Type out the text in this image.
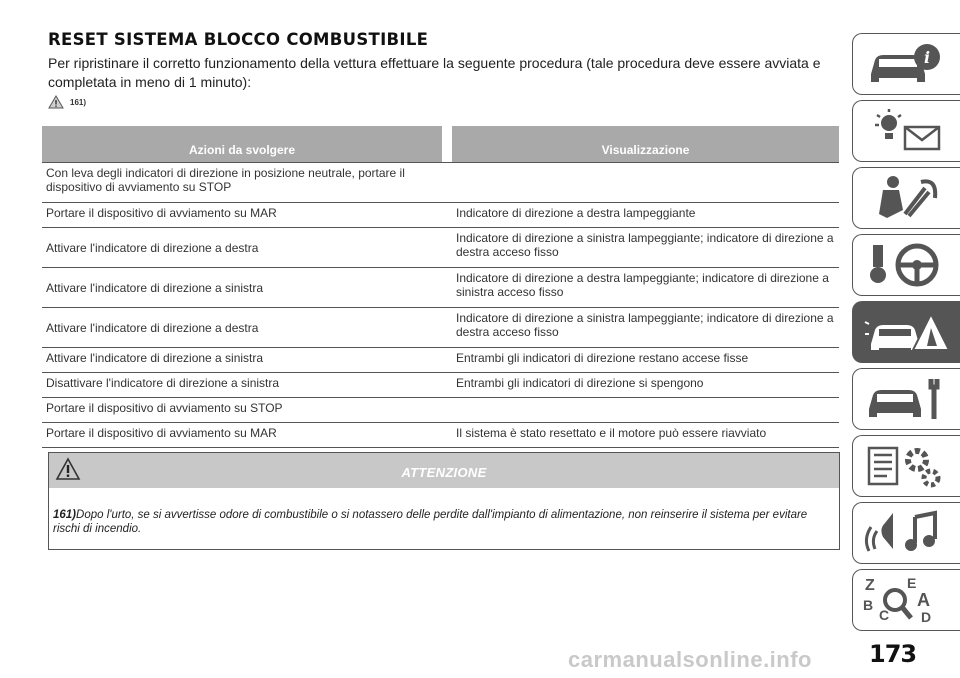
RESET SISTEMA BLOCCO COMBUSTIBILE
Per ripristinare il corretto funzionamento della vettura effettuare la seguente procedura (tale procedura deve essere avviata e completata in meno di 1 minuto):
161)
Azioni da svolgere		Visualizzazione
Con leva degli indicatori di direzione in posizione neutrale, portare il dispositivo di avviamento su STOP		
Portare il dispositivo di avviamento su MAR		Indicatore di direzione a destra lampeggiante
Attivare l'indicatore di direzione a destra		Indicatore di direzione a sinistra lampeggiante; indicatore di direzione a destra acceso fisso
Attivare l'indicatore di direzione a sinistra		Indicatore di direzione a destra lampeggiante; indicatore di direzione a sinistra acceso fisso
Attivare l'indicatore di direzione a destra		Indicatore di direzione a sinistra lampeggiante; indicatore di direzione a destra acceso fisso
Attivare l'indicatore di direzione a sinistra		Entrambi gli indicatori di direzione restano accese fisse
Disattivare l'indicatore di direzione a sinistra		Entrambi gli indicatori di direzione si spengono
Portare il dispositivo di avviamento su STOP		
Portare il dispositivo di avviamento su MAR		Il sistema è stato resettato e il motore può essere riavviato
ATTENZIONE
161)Dopo l'urto, se si avvertisse odore di combustibile o si notassero delle perdite dall'impianto di alimentazione, non reinserire il sistema per evitare rischi di incendio.
i
Z E
B A
C D
173
carmanualsonline.info
